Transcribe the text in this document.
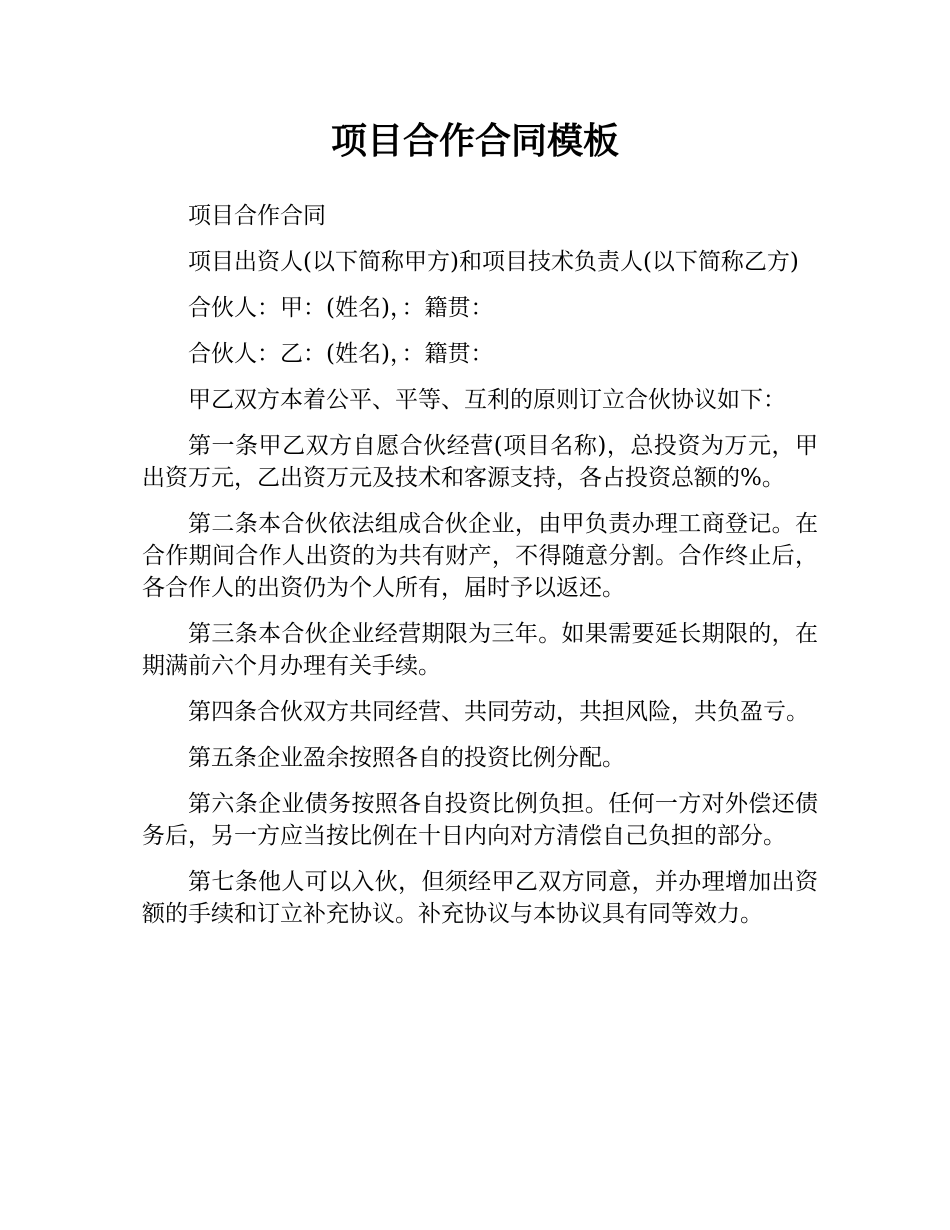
项目合作合同模板

项目合作合同

项目出资人(以下简称甲方)和项目技术负责人(以下简称乙方)

合伙人：甲：(姓名)，：籍贯：

合伙人：乙：(姓名)，：籍贯：

甲乙双方本着公平、平等、互利的原则订立合伙协议如下：

第一条甲乙双方自愿合伙经营(项目名称)，总投资为万元，甲出资万元，乙出资万元及技术和客源支持，各占投资总额的%。

第二条本合伙依法组成合伙企业，由甲负责办理工商登记。在合作期间合作人出资的为共有财产，不得随意分割。合作终止后，各合作人的出资仍为个人所有，届时予以返还。

第三条本合伙企业经营期限为三年。如果需要延长期限的，在期满前六个月办理有关手续。

第四条合伙双方共同经营、共同劳动，共担风险，共负盈亏。

第五条企业盈余按照各自的投资比例分配。

第六条企业债务按照各自投资比例负担。任何一方对外偿还债务后，另一方应当按比例在十日内向对方清偿自己负担的部分。

第七条他人可以入伙，但须经甲乙双方同意，并办理增加出资额的手续和订立补充协议。补充协议与本协议具有同等效力。
